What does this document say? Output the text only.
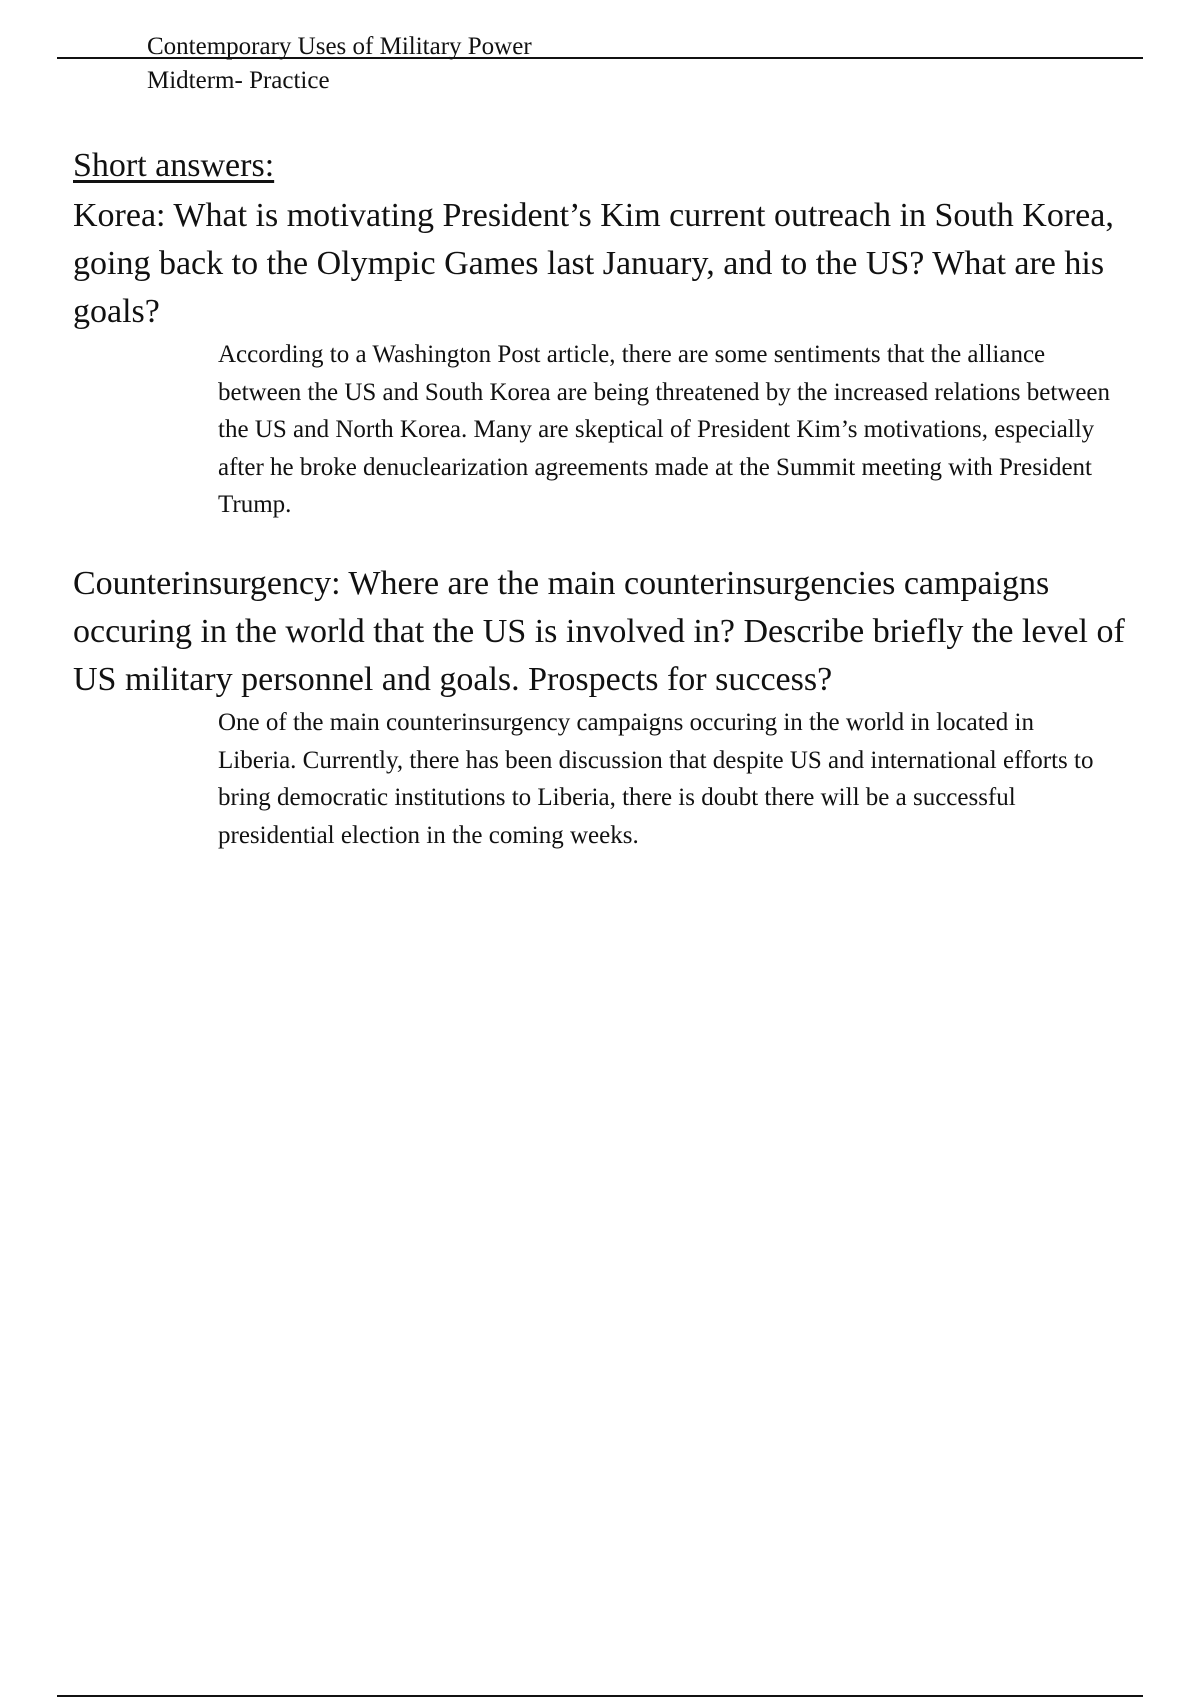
Contemporary Uses of Military Power
Midterm- Practice
Short answers:

Korea: What is motivating President’s Kim current outreach in South Korea, going back to the Olympic Games last January, and to the US? What are his goals?

According to a Washington Post article, there are some sentiments that the alliance between the US and South Korea are being threatened by the increased relations between the US and North Korea. Many are skeptical of President Kim’s motivations, especially after he broke denuclearization agreements made at the Summit meeting with President Trump.

Counterinsurgency: Where are the main counterinsurgencies campaigns occuring in the world that the US is involved in? Describe briefly the level of US military personnel and goals. Prospects for success?

One of the main counterinsurgency campaigns occuring in the world in located in Liberia. Currently, there has been discussion that despite US and international efforts to bring democratic institutions to Liberia, there is doubt there will be a successful presidential election in the coming weeks.
